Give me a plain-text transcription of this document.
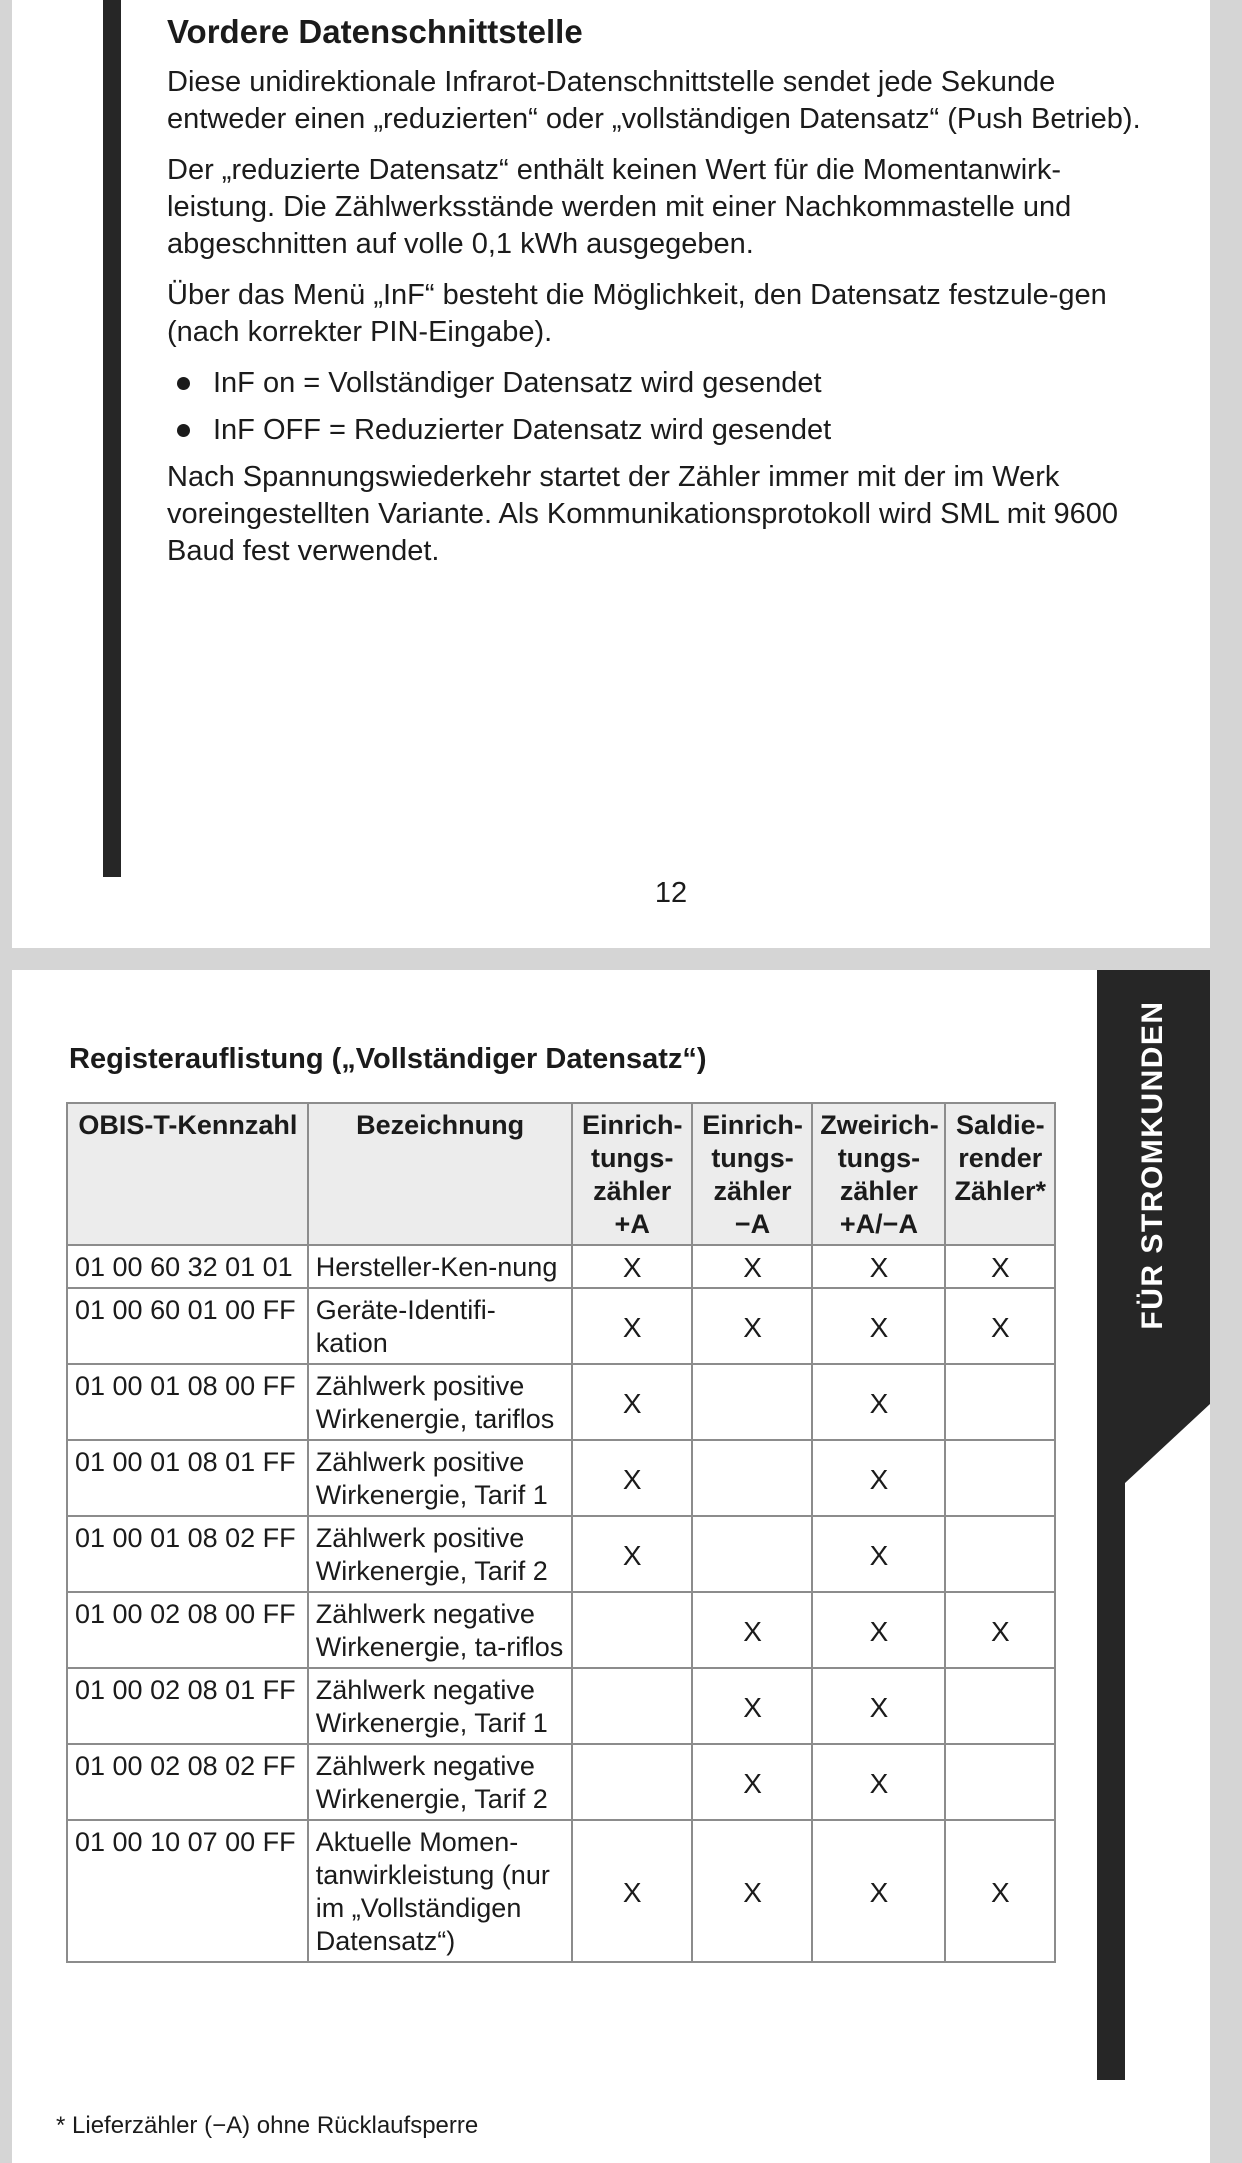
Vordere Datenschnittstelle

Diese unidirektionale Infrarot-Datenschnittstelle sendet jede Sekunde entweder einen „reduzierten“ oder „vollständigen Datensatz“ (Push Betrieb).

Der „reduzierte Datensatz“ enthält keinen Wert für die Momentanwirk-leistung. Die Zählwerksstände werden mit einer Nachkommastelle und abgeschnitten auf volle 0,1 kWh ausgegeben.

Über das Menü „InF“ besteht die Möglichkeit, den Datensatz festzule-gen (nach korrekter PIN-Eingabe).

InF on = Vollständiger Datensatz wird gesendet
InF OFF = Reduzierter Datensatz wird gesendet

Nach Spannungswiederkehr startet der Zähler immer mit der im Werk voreingestellten Variante. Als Kommunikationsprotokoll wird SML mit 9600 Baud fest verwendet.

12
FÜR STROMKUNDEN
Registerauflistung („Vollständiger Datensatz“)
OBIS-T-Kennzahl	Bezeichnung	Einrich-tungs-zähler +A	Einrich-tungs-zähler −A	Zweirich-tungs-zähler +A/−A	Saldie-render Zähler*
01 00 60 32 01 01	Hersteller-Ken-nung	X	X	X	X
01 00 60 01 00 FF	Geräte-Identifi-kation	X	X	X	X
01 00 01 08 00 FF	Zählwerk positive Wirkenergie, tariflos	X		X	
01 00 01 08 01 FF	Zählwerk positive Wirkenergie, Tarif 1	X		X	
01 00 01 08 02 FF	Zählwerk positive Wirkenergie, Tarif 2	X		X	
01 00 02 08 00 FF	Zählwerk negative Wirkenergie, ta-riflos		X	X	X
01 00 02 08 01 FF	Zählwerk negative Wirkenergie, Tarif 1		X	X	
01 00 02 08 02 FF	Zählwerk negative Wirkenergie, Tarif 2		X	X	
01 00 10 07 00 FF	Aktuelle Momen-tanwirkleistung (nur im „Vollständigen Datensatz“)	X	X	X	X

* Lieferzähler (−A) ohne Rücklaufsperre
